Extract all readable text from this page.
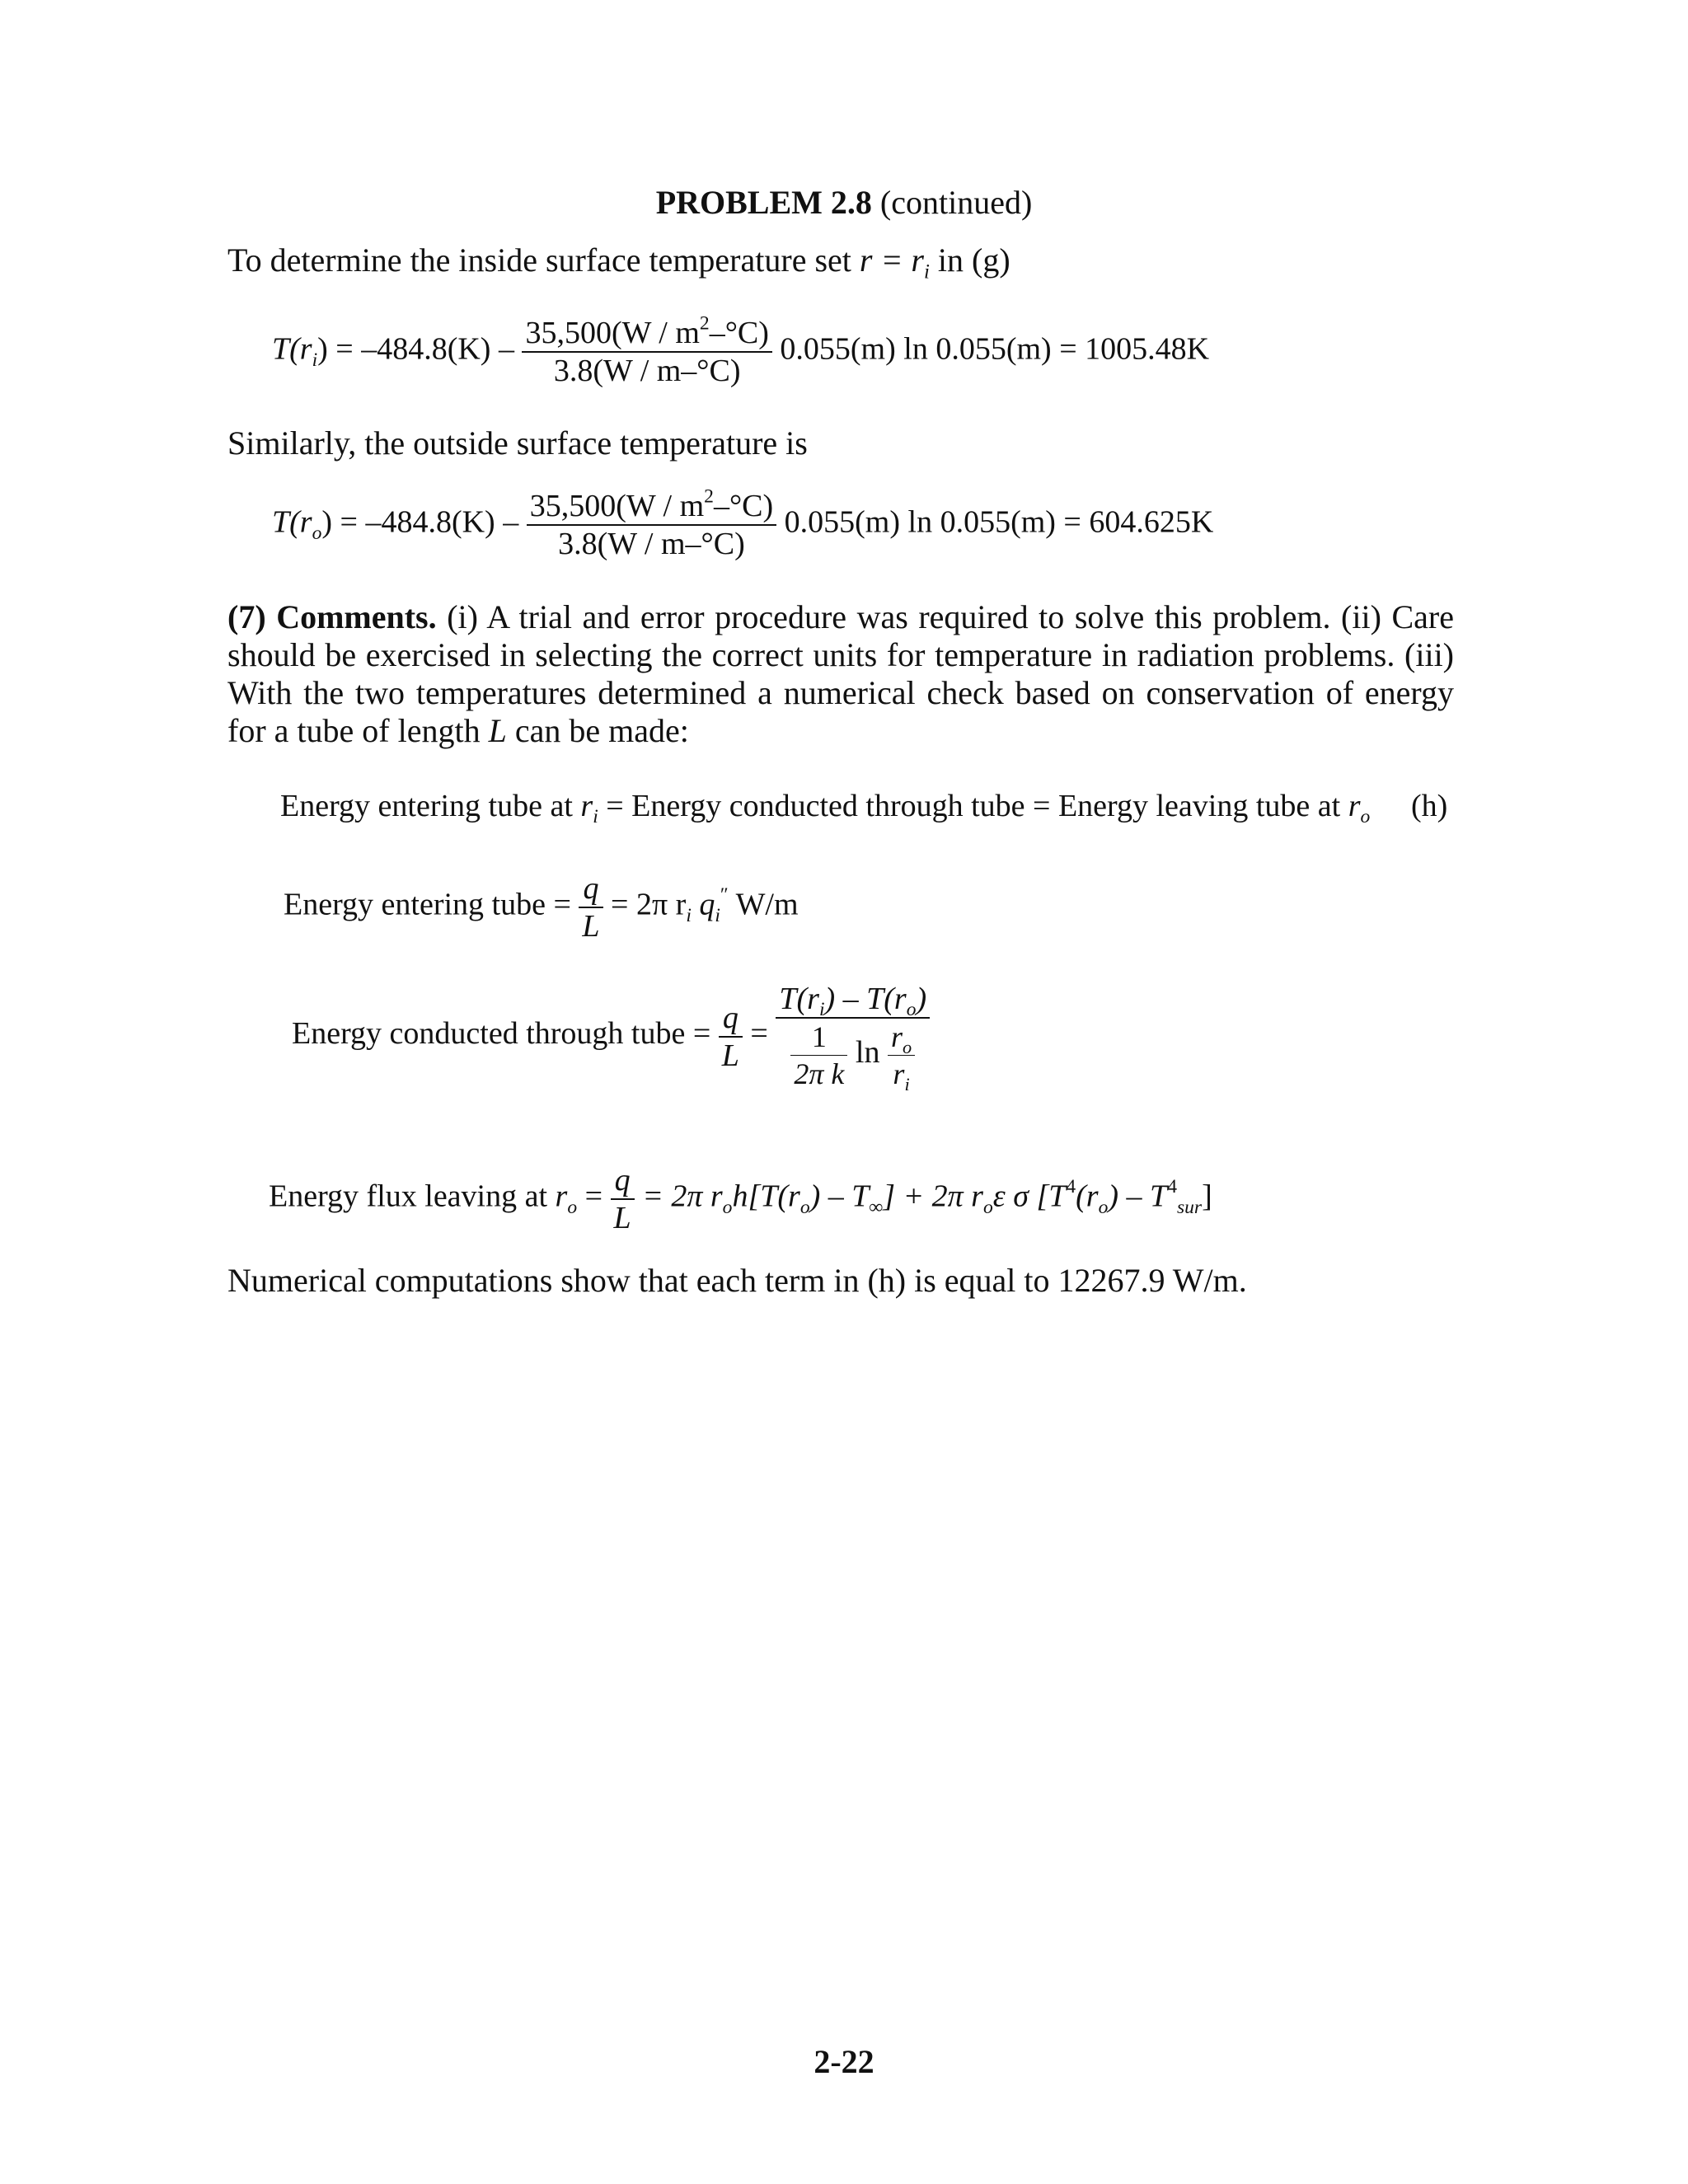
PROBLEM 2.8 (continued)
To determine the inside surface temperature set $r = r_i$ in (g)
$T(r_i) = -484.8(K) - \frac{35,500(W / m^2-^\circ C)}{3.8(W / m-^\circ C)} 0.055(m)$ ln 0.055(m) = 1005.48K
Similarly, the outside surface temperature is
$T(r_o) = -484.8(K) - \frac{35,500(W / m^2-^\circ C)}{3.8(W / m-^\circ C)} 0.055(m)$ ln 0.055(m) = 604.625K
(7) Comments. (i) A trial and error procedure was required to solve this problem. (ii) Care should be exercised in selecting the correct units for temperature in radiation problems. (iii) With the two temperatures determined a numerical check based on conservation of energy for a tube of length L can be made:
Energy entering tube at $r_i$ = Energy conducted through tube = Energy leaving tube at $r_o$ (h)
Energy entering tube = $\frac{q}{L} = 2\pi$ $r_i$ $q_i''$ W/m
Energy conducted through tube = $\frac{q}{L} = \frac{T(r_i) - T(r_o)}{\frac{1}{\text{2π k}} \ln \frac{r_o}{r_i}}$
Energy flux leaving at $r_o = \frac{q}{L} = 2\pi$ $r_oh[T(r_o) - T_\infty] + 2\pi$ $r_o\varepsilon$ σ $[T^4(r_o) - T^4_{sur}]$
Numerical computations show that each term in (h) is equal to 12267.9 W/m.
2-22
